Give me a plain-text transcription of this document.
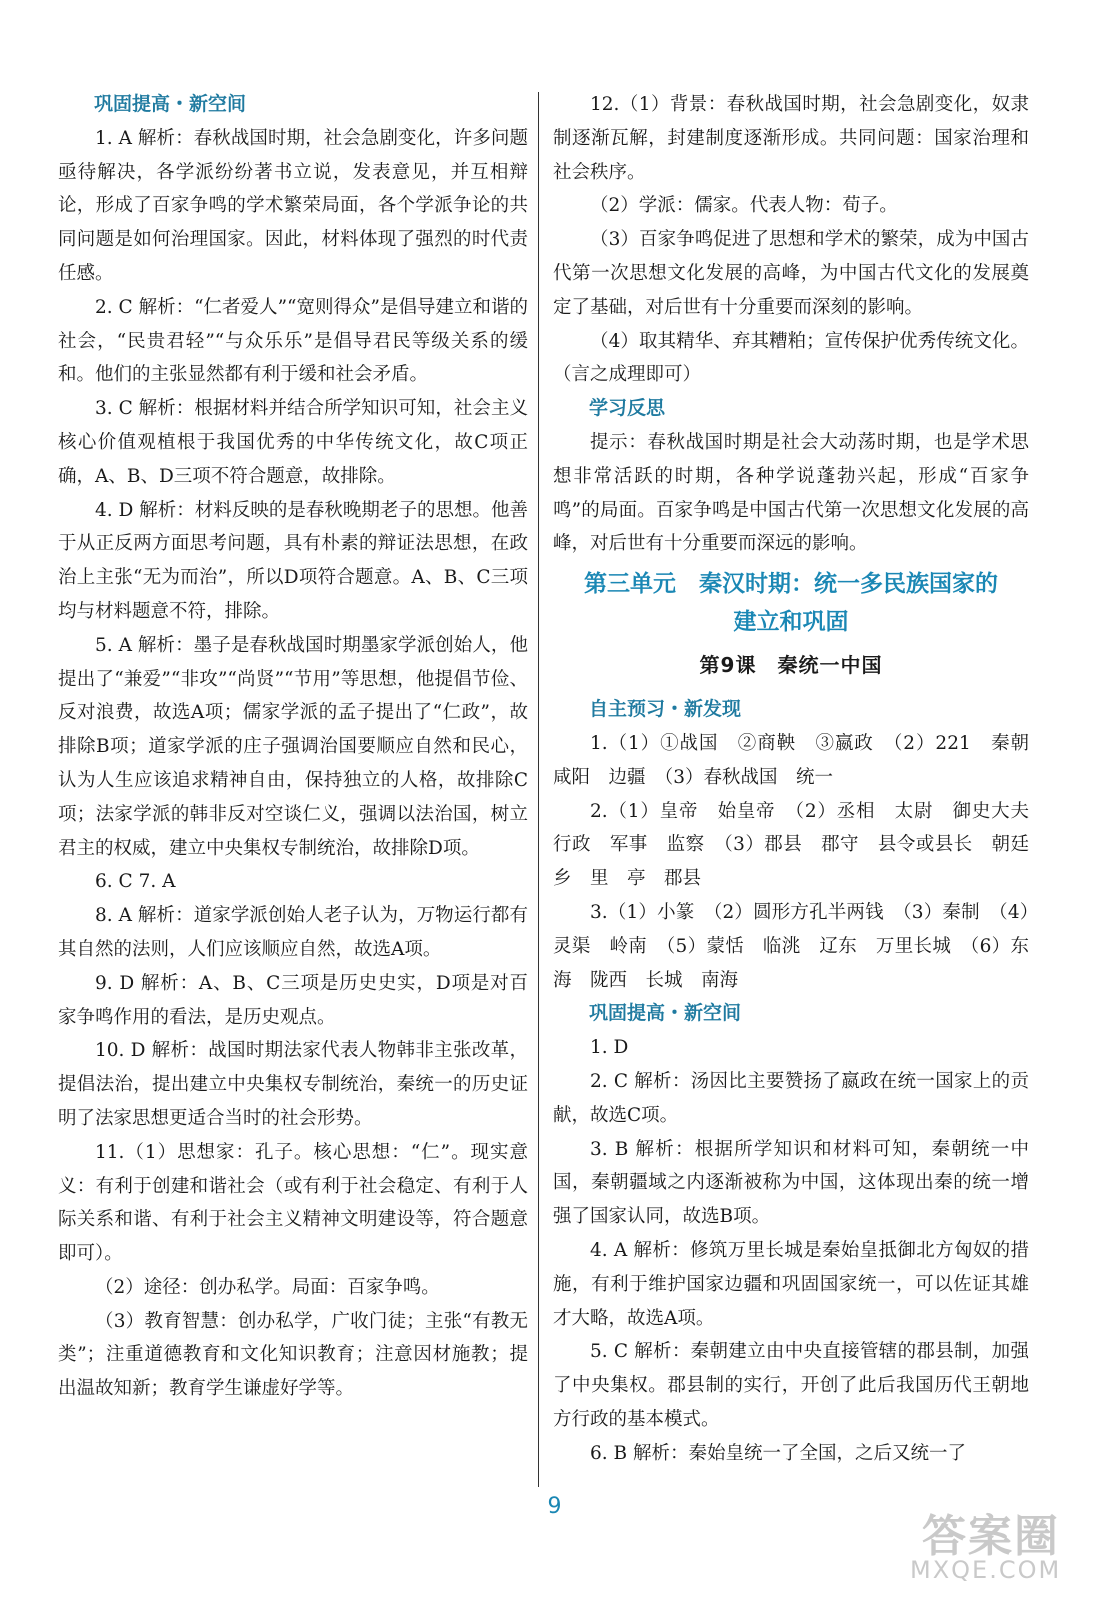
巩固提高・新空间

1. A 解析：春秋战国时期，社会急剧变化，许多问题亟待解决，各学派纷纷著书立说，发表意见，并互相辩论，形成了百家争鸣的学术繁荣局面，各个学派争论的共同问题是如何治理国家。因此，材料体现了强烈的时代责任感。

2. C 解析：“仁者爱人”“宽则得众”是倡导建立和谐的社会，“民贵君轻”“与众乐乐”是倡导君民等级关系的缓和。他们的主张显然都有利于缓和社会矛盾。

3. C 解析：根据材料并结合所学知识可知，社会主义核心价值观植根于我国优秀的中华传统文化，故C项正确，A、B、D三项不符合题意，故排除。

4. D 解析：材料反映的是春秋晚期老子的思想。他善于从正反两方面思考问题，具有朴素的辩证法思想，在政治上主张“无为而治”，所以D项符合题意。A、B、C三项均与材料题意不符，排除。

5. A 解析：墨子是春秋战国时期墨家学派创始人，他提出了“兼爱”“非攻”“尚贤”“节用”等思想，他提倡节俭、反对浪费，故选A项；儒家学派的孟子提出了“仁政”，故排除B项；道家学派的庄子强调治国要顺应自然和民心，认为人生应该追求精神自由，保持独立的人格，故排除C项；法家学派的韩非反对空谈仁义，强调以法治国，树立君主的权威，建立中央集权专制统治，故排除D项。

6. C 7. A

8. A 解析：道家学派创始人老子认为，万物运行都有其自然的法则，人们应该顺应自然，故选A项。

9. D 解析：A、B、C三项是历史史实，D项是对百家争鸣作用的看法，是历史观点。

10. D 解析：战国时期法家代表人物韩非主张改革，提倡法治，提出建立中央集权专制统治，秦统一的历史证明了法家思想更适合当时的社会形势。

11.（1）思想家：孔子。核心思想：“仁”。现实意义：有利于创建和谐社会（或有利于社会稳定、有利于人际关系和谐、有利于社会主义精神文明建设等，符合题意即可）。

（2）途径：创办私学。局面：百家争鸣。

（3）教育智慧：创办私学，广收门徒；主张“有教无类”；注重道德教育和文化知识教育；注意因材施教；提出温故知新；教育学生谦虚好学等。

12.（1）背景：春秋战国时期，社会急剧变化，奴隶制逐渐瓦解，封建制度逐渐形成。共同问题：国家治理和社会秩序。

（2）学派：儒家。代表人物：荀子。

（3）百家争鸣促进了思想和学术的繁荣，成为中国古代第一次思想文化发展的高峰，为中国古代文化的发展奠定了基础，对后世有十分重要而深刻的影响。

（4）取其精华、弃其糟粕；宣传保护优秀传统文化。（言之成理即可）

学习反思

提示：春秋战国时期是社会大动荡时期，也是学术思想非常活跃的时期，各种学说蓬勃兴起，形成“百家争鸣”的局面。百家争鸣是中国古代第一次思想文化发展的高峰，对后世有十分重要而深远的影响。

第三单元　秦汉时期：统一多民族国家的

建立和巩固

第9课　秦统一中国

自主预习・新发现

1.（1）①战国　②商鞅　③嬴政　（2）221　秦朝　咸阳　边疆　（3）春秋战国　统一

2.（1）皇帝　始皇帝　（2）丞相　太尉　御史大夫　行政　军事　监察　（3）郡县　郡守　县令或县长　朝廷　乡　里　亭　郡县

3.（1）小篆　（2）圆形方孔半两钱　（3）秦制　（4）灵渠　岭南　（5）蒙恬　临洮　辽东　万里长城　（6）东海　陇西　长城　南海

巩固提高・新空间

1. D

2. C 解析：汤因比主要赞扬了嬴政在统一国家上的贡献，故选C项。

3. B 解析：根据所学知识和材料可知，秦朝统一中国，秦朝疆域之内逐渐被称为中国，这体现出秦的统一增强了国家认同，故选B项。

4. A 解析：修筑万里长城是秦始皇抵御北方匈奴的措施，有利于维护国家边疆和巩固国家统一，可以佐证其雄才大略，故选A项。

5. C 解析：秦朝建立由中央直接管辖的郡县制，加强了中央集权。郡县制的实行，开创了此后我国历代王朝地方行政的基本模式。

6. B 解析：秦始皇统一了全国，之后又统一了

9
答案圈
MXQE.COM
